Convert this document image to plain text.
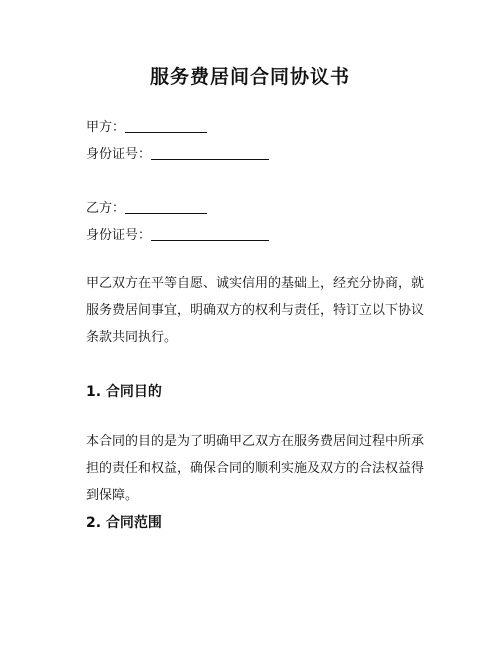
服务费居间合同协议书
甲方：
身份证号：
乙方：
身份证号：

甲乙双方在平等自愿、诚实信用的基础上，经充分协商，就服务费居间事宜，明确双方的权利与责任，特订立以下协议条款共同执行。

1. 合同目的

本合同的目的是为了明确甲乙双方在服务费居间过程中所承担的责任和权益，确保合同的顺利实施及双方的合法权益得到保障。

2. 合同范围
